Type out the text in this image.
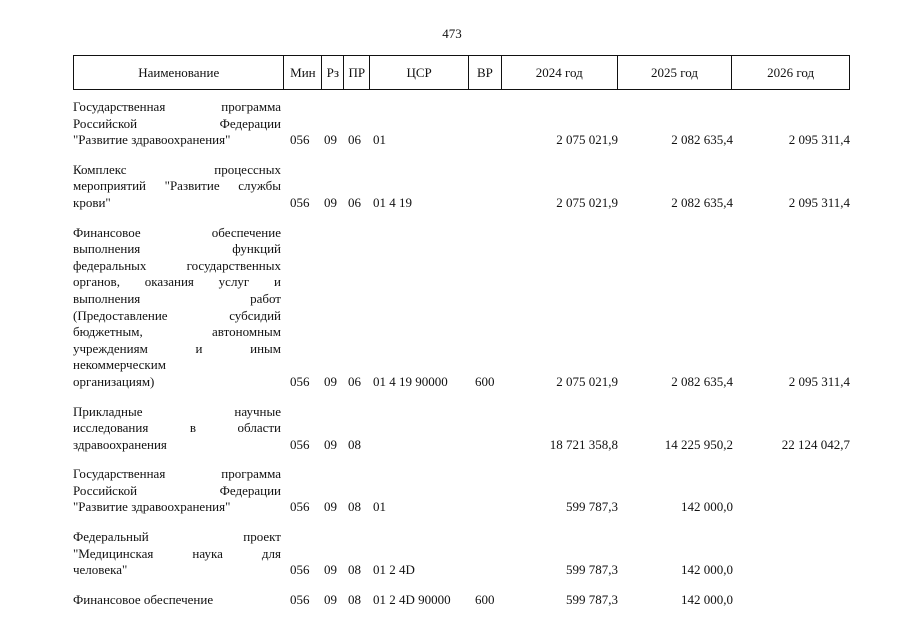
473
Наименование	Мин Рз ПР	ЦСР	ВР	2024 год	2025 год	2026 год
Государственная программа
Российской Федерации
"Развитие здравоохранения"	056 09 06 01	2 075 021,9	2 082 635,4	2 095 311,4
Комплекс процессных
мероприятий "Развитие службы
крови"	056 09 06 01 4 19	2 075 021,9	2 082 635,4	2 095 311,4
Финансовое обеспечение
выполнения функций
федеральных государственных
органов, оказания услуг и
выполнения работ
(Предоставление субсидий
бюджетным, автономным
учреждениям и иным
некоммерческим
организациям)	056 09 06 01 4 19 90000 600	2 075 021,9	2 082 635,4	2 095 311,4
Прикладные научные
исследования в области
здравоохранения	056 09 08	18 721 358,8	14 225 950,2	22 124 042,7
Государственная программа
Российской Федерации
"Развитие здравоохранения"	056 09 08 01	599 787,3	142 000,0
Федеральный проект
"Медицинская наука для
человека"	056 09 08 01 2 4D	599 787,3	142 000,0
Финансовое обеспечение	056 09 08 01 2 4D 90000 600	599 787,3	142 000,0
